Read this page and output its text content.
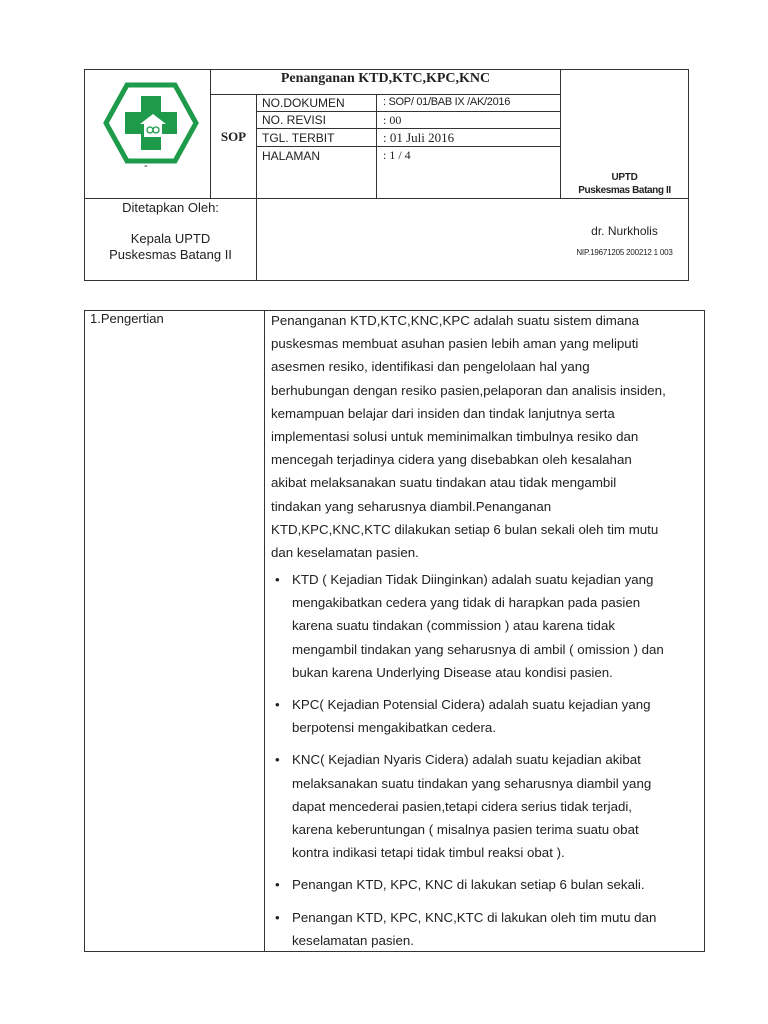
-
Penanganan KTD,KTC,KPC,KNC
SOP
NO.DOKUMEN	: SOP/ 01/BAB IX /AK/2016
NO. REVISI	: 00
TGL. TERBIT	: 01 Juli 2016
HALAMAN	: 1 / 4
UPTD
Puskesmas Batang II
Ditetapkan Oleh:
Kepala UPTD
Puskesmas Batang II
dr. Nurkholis
NIP.19671205 200212 1 003
1.Pengertian	Penanganan KTD,KTC,KNC,KPC adalah suatu sistem dimana

puskesmas membuat asuhan pasien lebih aman yang meliputi

asesmen resiko, identifikasi dan pengelolaan hal yang

berhubungan dengan resiko pasien,pelaporan dan analisis insiden,

kemampuan belajar dari insiden dan tindak lanjutnya serta

implementasi solusi untuk meminimalkan timbulnya resiko dan

mencegah terjadinya cidera yang disebabkan oleh kesalahan

akibat melaksanakan suatu tindakan atau tidak mengambil

tindakan yang seharusnya diambil.Penanganan

KTD,KPC,KNC,KTC dilakukan setiap 6 bulan sekali oleh tim mutu

dan keselamatan pasien.

• KTD ( Kejadian Tidak Diinginkan) adalah suatu kejadian yang
mengakibatkan cedera yang tidak di harapkan pada pasien
karena suatu tindakan (commission ) atau karena tidak
mengambil tindakan yang seharusnya di ambil ( omission ) dan
bukan karena Underlying Disease atau kondisi pasien.
• KPC( Kejadian Potensial Cidera) adalah suatu kejadian yang
berpotensi mengakibatkan cedera.
• KNC( Kejadian Nyaris Cidera) adalah suatu kejadian akibat
melaksanakan suatu tindakan yang seharusnya diambil yang
dapat mencederai pasien,tetapi cidera serius tidak terjadi,
karena keberuntungan ( misalnya pasien terima suatu obat
kontra indikasi tetapi tidak timbul reaksi obat ).
• Penangan KTD, KPC, KNC di lakukan setiap 6 bulan sekali.
• Penangan KTD, KPC, KNC,KTC di lakukan oleh tim mutu dan
keselamatan pasien.
